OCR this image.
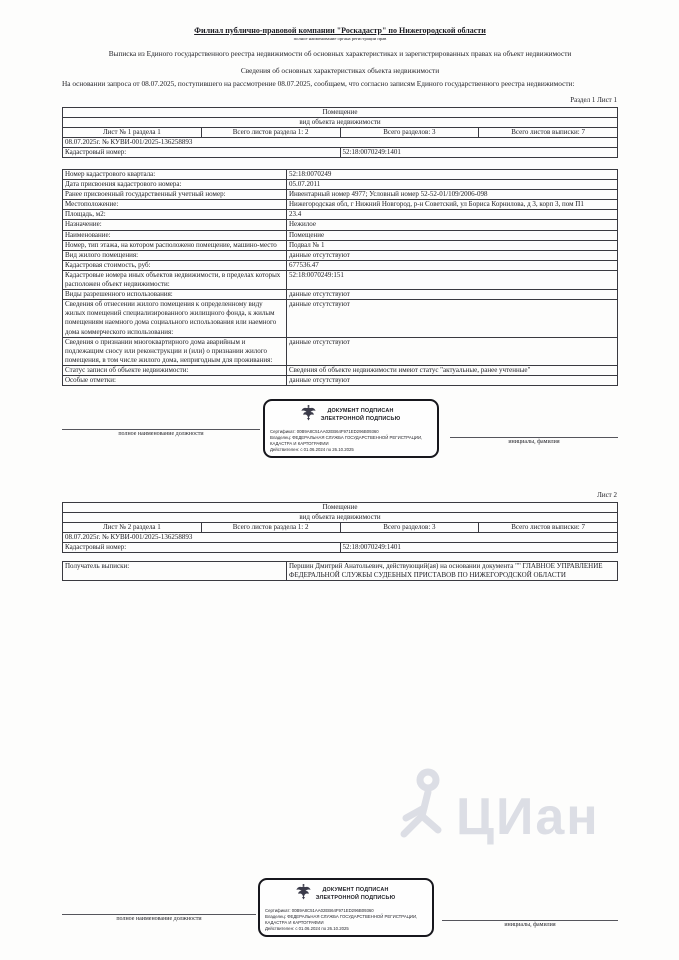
Филиал публично-правовой компании "Роскадастр" по Нижегородской области
полное наименование органа регистрации прав
Выписка из Единого государственного реестра недвижимости об основных характеристиках и зарегистрированных правах на объект недвижимости
Сведения об основных характеристиках объекта недвижимости
На основании запроса от 08.07.2025, поступившего на рассмотрение 08.07.2025, сообщаем, что согласно записям Единого государственного реестра недвижимости:
Раздел 1 Лист 1
Помещение			
вид объекта недвижимости			
Лист № 1 раздела 1	Всего листов раздела 1: 2	Всего разделов: 3	Всего листов выписки: 7
08.07.2025г. № КУВИ-001/2025-136258893			
Кадастровый номер:		52:18:0070249:1401	
Номер кадастрового квартала:	52:18:0070249
Дата присвоения кадастрового номера:	05.07.2011
Ранее присвоенный государственный учетный номер:	Инвентарный номер 4977; Условный номер 52-52-01/109/2006-098
Местоположение:	Нижегородская обл, г Нижний Новгород, р-н Советский, ул Бориса Корнилова, д 3, корп 3, пом П1
Площадь, м2:	23.4
Назначение:	Нежилое
Наименование:	Помещение
Номер, тип этажа, на котором расположено помещение, машино-место	Подвал № 1
Вид жилого помещения:	данные отсутствуют
Кадастровая стоимость, руб:	677536.47
Кадастровые номера иных объектов недвижимости, в пределах которых расположен объект недвижимости:	52:18:0070249:151
Виды разрешенного использования:	данные отсутствуют
Сведения об отнесении жилого помещения к определенному виду жилых помещений специализированного жилищного фонда, к жилым помещениям наемного дома социального использования или наемного дома коммерческого использования:	данные отсутствуют
Сведения о признании многоквартирного дома аварийным и подлежащим сносу или реконструкции и (или) о признании жилого помещения, в том числе жилого дома, непригодным для проживания:	данные отсутствуют
Статус записи об объекте недвижимости:	Сведения об объекте недвижимости имеют статус "актуальные, ранее учтенные"
Особые отметки:	данные отсутствуют
полное наименование должности
инициалы, фамилия
ДОКУМЕНТ ПОДПИСАН
ЭЛЕКТРОННОЙ ПОДПИСЬЮ
Сертификат: 00B9A8C51AA02EB64F971ED296B09360
Владелец: ФЕДЕРАЛЬНАЯ СЛУЖБА ГОСУДАРСТВЕННОЙ РЕГИСТРАЦИИ, КАДАСТРА И КАРТОГРАФИИ
Действителен: с 01.06.2024 по 26.10.2025
Лист 2
Помещение			
вид объекта недвижимости			
Лист № 2 раздела 1	Всего листов раздела 1: 2	Всего разделов: 3	Всего листов выписки: 7
08.07.2025г. № КУВИ-001/2025-136258893			
Кадастровый номер:		52:18:0070249:1401	
Получатель выписки:	Першин Дмитрий Анатольевич, действующий(ая) на основании документа "" ГЛАВНОЕ УПРАВЛЕНИЕ ФЕДЕРАЛЬНОЙ СЛУЖБЫ СУДЕБНЫХ ПРИСТАВОВ ПО НИЖЕГОРОДСКОЙ ОБЛАСТИ
ЦИан
полное наименование должности
инициалы, фамилия
ДОКУМЕНТ ПОДПИСАН
ЭЛЕКТРОННОЙ ПОДПИСЬЮ
Сертификат: 00B9A8C51AA02EB64F971ED296B09360
Владелец: ФЕДЕРАЛЬНАЯ СЛУЖБА ГОСУДАРСТВЕННОЙ РЕГИСТРАЦИИ, КАДАСТРА И КАРТОГРАФИИ
Действителен: с 01.06.2024 по 26.10.2025
